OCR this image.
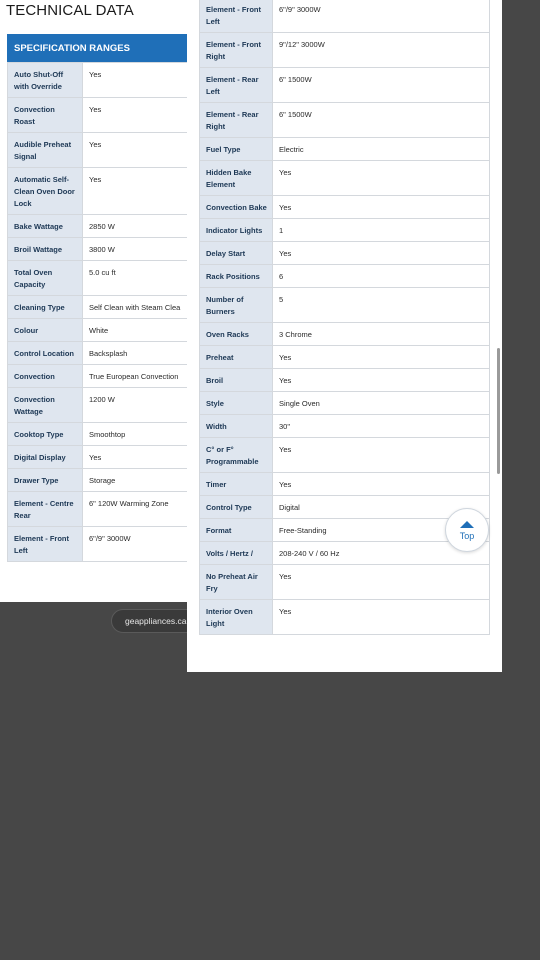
TECHNICAL DATA
SPECIFICATION RANGES
Auto Shut-Off with Override	Yes
Convection Roast	Yes
Audible Preheat Signal	Yes
Automatic Self-Clean Oven Door Lock	Yes
Bake Wattage	2850 W
Broil Wattage	3800 W
Total Oven Capacity	5.0 cu ft
Cleaning Type	Self Clean with Steam Clea
Colour	White
Control Location	Backsplash
Convection	True European Convection
Convection Wattage	1200 W
Cooktop Type	Smoothtop
Digital Display	Yes
Drawer Type	Storage
Element - Centre Rear	6" 120W Warming Zone
Element - Front Left	6"/9" 3000W
geappliances.ca
Element - Front Left	6"/9" 3000W
Element - Front Right	9"/12" 3000W
Element - Rear Left	6" 1500W
Element - Rear Right	6" 1500W
Fuel Type	Electric
Hidden Bake Element	Yes
Convection Bake	Yes
Indicator Lights	1
Delay Start	Yes
Rack Positions	6
Number of Burners	5
Oven Racks	3 Chrome
Preheat	Yes
Broil	Yes
Style	Single Oven
Width	30"
C° or F° Programmable	Yes
Timer	Yes
Control Type	Digital
Format	Free-Standing
Volts / Hertz /	208-240 V / 60 Hz
No Preheat Air Fry	Yes
Interior Oven Light	Yes
Top
